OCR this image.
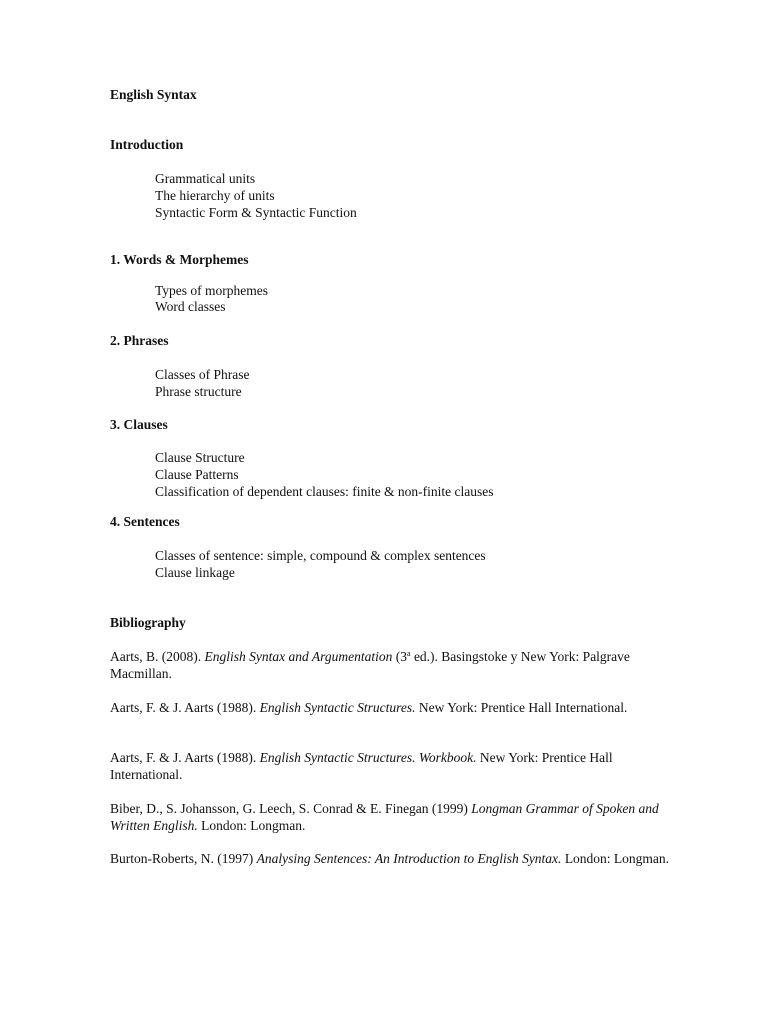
English Syntax
Introduction
Grammatical units
The hierarchy of units
Syntactic Form & Syntactic Function
1. Words & Morphemes
Types of morphemes
Word classes
2. Phrases
Classes of Phrase
Phrase structure
3. Clauses
Clause Structure
Clause Patterns
Classification of dependent clauses: finite & non-finite clauses
4. Sentences
Classes of sentence: simple, compound & complex sentences
Clause linkage
Bibliography
Aarts, B. (2008). English Syntax and Argumentation (3$^a$ ed.). Basingstoke y New York: Palgrave Macmillan.
Aarts, F. & J. Aarts (1988). English Syntactic Structures. New York: Prentice Hall International.
Aarts, F. & J. Aarts (1988). English Syntactic Structures. Workbook. New York: Prentice Hall International.
Biber, D., S. Johansson, G. Leech, S. Conrad & E. Finegan (1999) Longman Grammar of Spoken and Written English. London: Longman.
Burton-Roberts, N. (1997) Analysing Sentences: An Introduction to English Syntax. London: Longman.
